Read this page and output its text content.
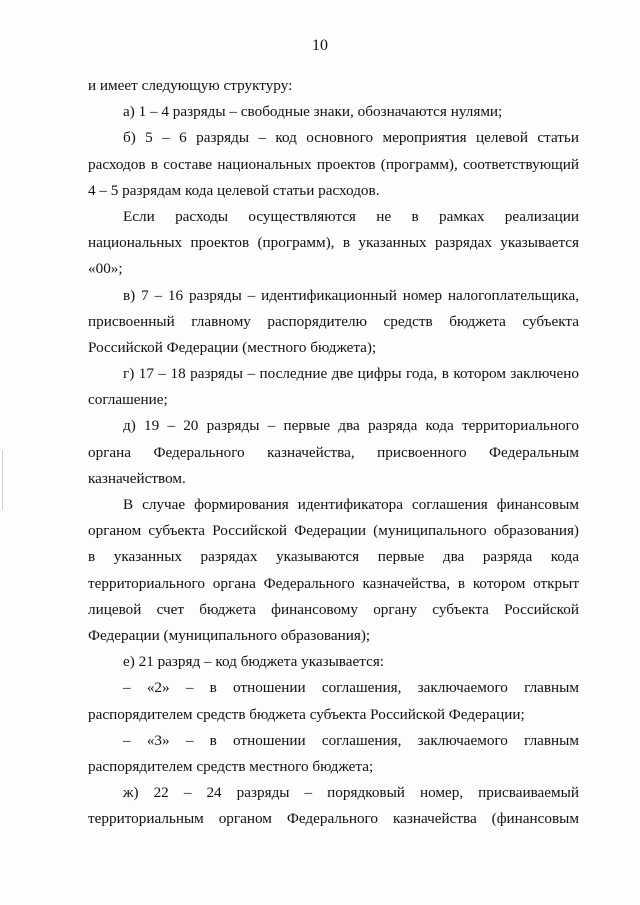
10
и имеет следующую структуру:
а) 1 – 4 разряды – свободные знаки, обозначаются нулями;
б) 5 – 6 разряды – код основного мероприятия целевой статьи
расходов в составе национальных проектов (программ), соответствующий
4 – 5 разрядам кода целевой статьи расходов.
Если расходы осуществляются не в рамках реализации
национальных проектов (программ), в указанных разрядах указывается
«00»;
в) 7 – 16 разряды – идентификационный номер налогоплательщика,
присвоенный главному распорядителю средств бюджета субъекта
Российской Федерации (местного бюджета);
г) 17 – 18 разряды – последние две цифры года, в котором заключено
соглашение;
д) 19 – 20 разряды – первые два разряда кода территориального
органа Федерального казначейства, присвоенного Федеральным
казначейством.
В случае формирования идентификатора соглашения финансовым
органом субъекта Российской Федерации (муниципального образования)
в указанных разрядах указываются первые два разряда кода
территориального органа Федерального казначейства, в котором открыт
лицевой счет бюджета финансовому органу субъекта Российской
Федерации (муниципального образования);
е) 21 разряд – код бюджета указывается:
– «2» – в отношении соглашения, заключаемого главным
распорядителем средств бюджета субъекта Российской Федерации;
– «3» – в отношении соглашения, заключаемого главным
распорядителем средств местного бюджета;
ж) 22 – 24 разряды – порядковый номер, присваиваемый
территориальным органом Федерального казначейства (финансовым
